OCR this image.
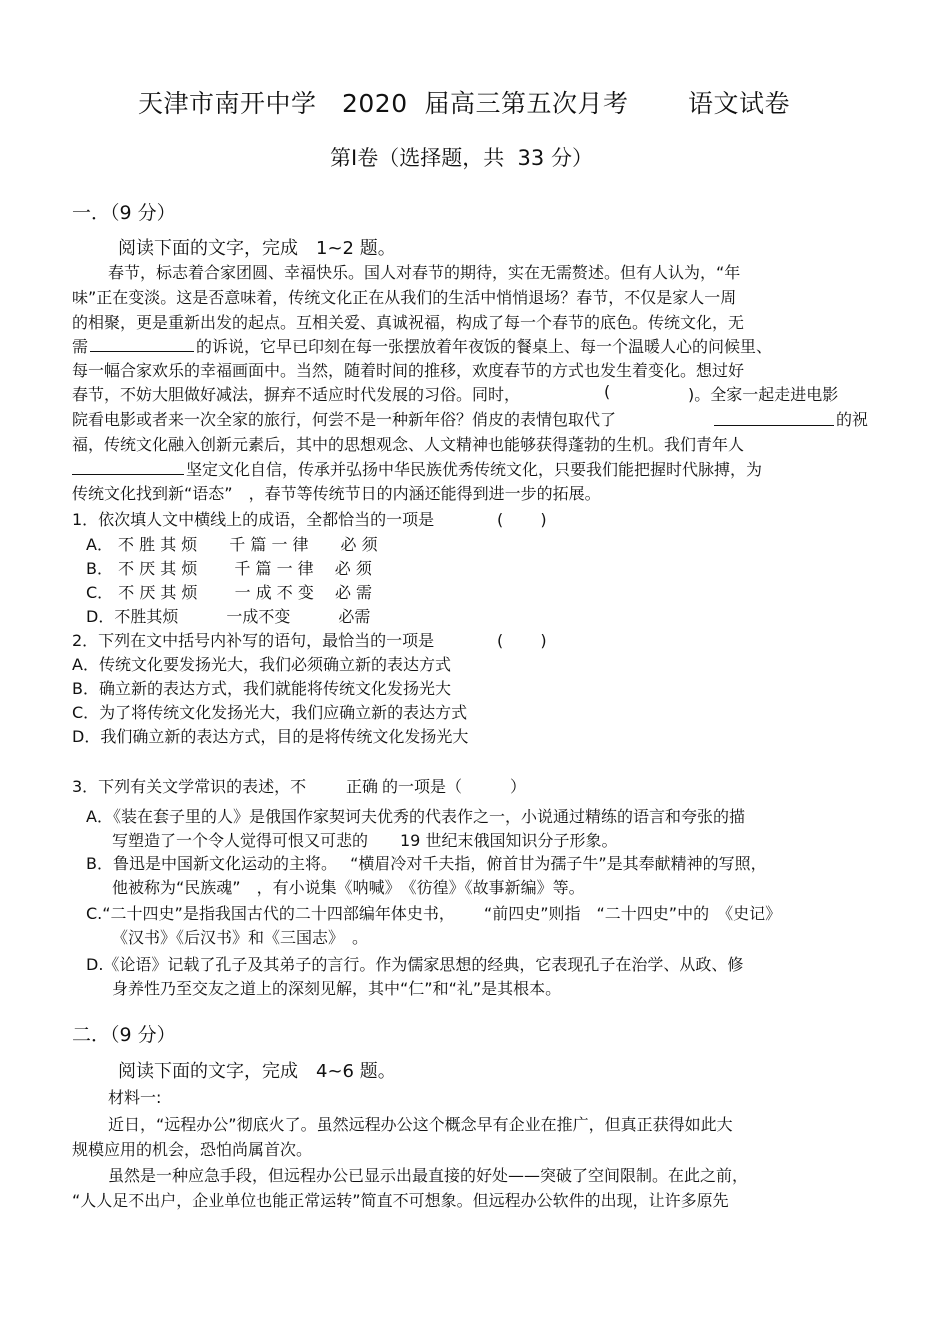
天津市南开中学　2020  届高三第五次月考　　 语文试卷
第Ⅰ卷（选择题，共  33 分）
一．（9 分）
阅读下面的文字，完成　1~2 题。
春节，标志着合家团圆、幸福快乐。国人对春节的期待，实在无需赘述。但有人认为，“年
味”正在变淡。这是否意味着，传统文化正在从我们的生活中悄悄退场？春节，不仅是家人一周
的相聚，更是重新出发的起点。互相关爱、真诚祝福，构成了每一个春节的底色。传统文化，无
需	的诉说，它早已印刻在每一张摆放着年夜饭的餐桌上、每一个温暖人心的问候里、
每一幅合家欢乐的幸福画面中。当然，随着时间的推移，欢度春节的方式也发生着变化。想过好
春节，不妨大胆做好减法，摒弃不适应时代发展的习俗。同时，	(	)。全家一起走进电影
院看电影或者来一次全家的旅行，何尝不是一种新年俗？俏皮的表情包取代了	的祝
福，传统文化融入创新元素后，其中的思想观念、人文精神也能够获得蓬勃的生机。我们青年人
坚定文化自信，传承并弘扬中华民族优秀传统文化，只要我们能把握时代脉搏，为
传统文化找到新“语态”　，春节等传统节日的内涵还能得到进一步的拓展。
1．依次填人文中横线上的成语，全都恰当的一项是	(　　 )
A． 不 胜 其 烦　　千 篇 一 律　　必 须
B． 不 厌 其 烦　　 千 篇 一 律　 必 须
C． 不 厌 其 烦　　 一 成 不 变　 必 需
D．不胜其烦　　　一成不变　　　必需
2．下列在文中括号内补写的语句，最恰当的一项是	(　　 )
A．传统文化要发扬光大，我们必须确立新的表达方式
B．确立新的表达方式，我们就能将传统文化发扬光大
C．为了将传统文化发扬光大，我们应确立新的表达方式
D．我们确立新的表达方式，目的是将传统文化发扬光大
3．下列有关文学常识的表述，不 正确 的一项是（　　　）
A．《装在套子里的人》是俄国作家契诃夫优秀的代表作之一，小说通过精练的语言和夸张的描
写塑造了一个令人觉得可恨又可悲的　　19 世纪末俄国知识分子形象。
B．鲁迅是中国新文化运动的主将。　 “横眉冷对千夫指，俯首甘为孺子牛”是其奉献精神的写照，
他被称为“民族魂”　，有小说集《呐喊》　《彷徨》《故事新编》等。
C.“二十四史”是指我国古代的二十四部编年体史书，　　 “前四史”则指　“二十四史”中的　《史记》
《汉书》《后汉书》和《三国志》　。
D.《论语》记载了孔子及其弟子的言行。作为儒家思想的经典，它表现孔子在治学、从政、修
身养性乃至交友之道上的深刻见解，其中“仁”和“礼”是其根本。
二．（9 分）
阅读下面的文字，完成　4~6 题。
材料一:
近日，“远程办公”彻底火了。虽然远程办公这个概念早有企业在推广，但真正获得如此大
规模应用的机会，恐怕尚属首次。
虽然是一种应急手段，但远程办公已显示出最直接的好处——突破了空间限制。在此之前，
“人人足不出户，企业单位也能正常运转”简直不可想象。但远程办公软件的出现，让许多原先
